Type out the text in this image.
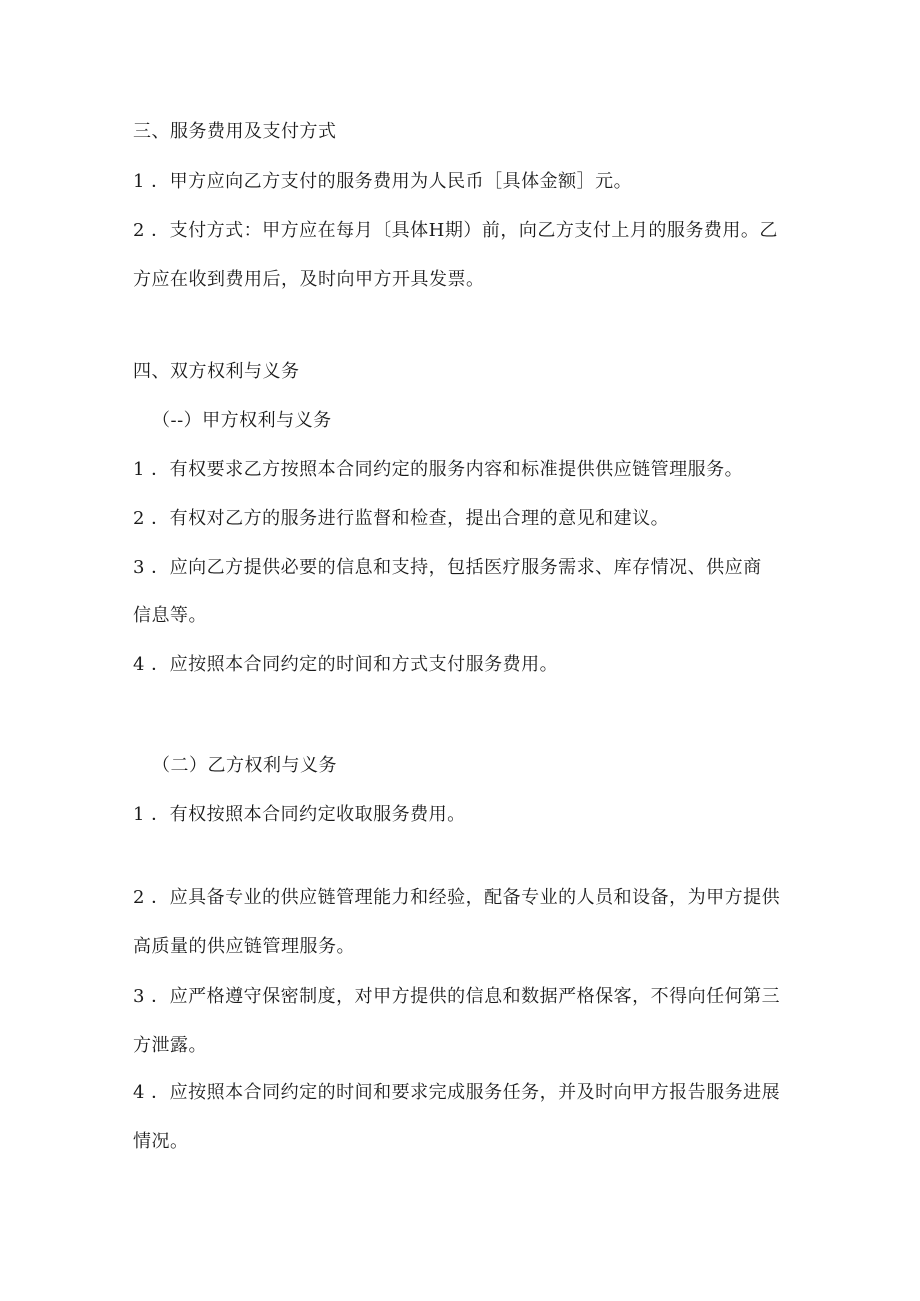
三、服务费用及支付方式
1 ．甲方应向乙方支付的服务费用为人民币［具体金额］元。
2 ．支付方式：甲方应在每月〔具体H期）前，向乙方支付上月的服务费用。乙
方应在收到费用后，及时向甲方开具发票。
四、双方权利与义务
（--）甲方权利与义务
1 ．有权要求乙方按照本合同约定的服务内容和标准提供供应链管理服务。
2 ．有权对乙方的服务进行监督和检查，提出合理的意见和建议。
3 ．应向乙方提供必要的信息和支持，包括医疗服务需求、库存情况、供应商
信息等。
4 ．应按照本合同约定的时间和方式支付服务费用。
（二）乙方权利与义务
1 ．有权按照本合同约定收取服务费用。
2 ．应具备专业的供应链管理能力和经验，配备专业的人员和设备，为甲方提供
高质量的供应链管理服务。
3 ．应严格遵守保密制度，对甲方提供的信息和数据严格保客，不得向任何第三
方泄露。
4 ．应按照本合同约定的时间和要求完成服务任务，并及时向甲方报告服务进展
情况。
